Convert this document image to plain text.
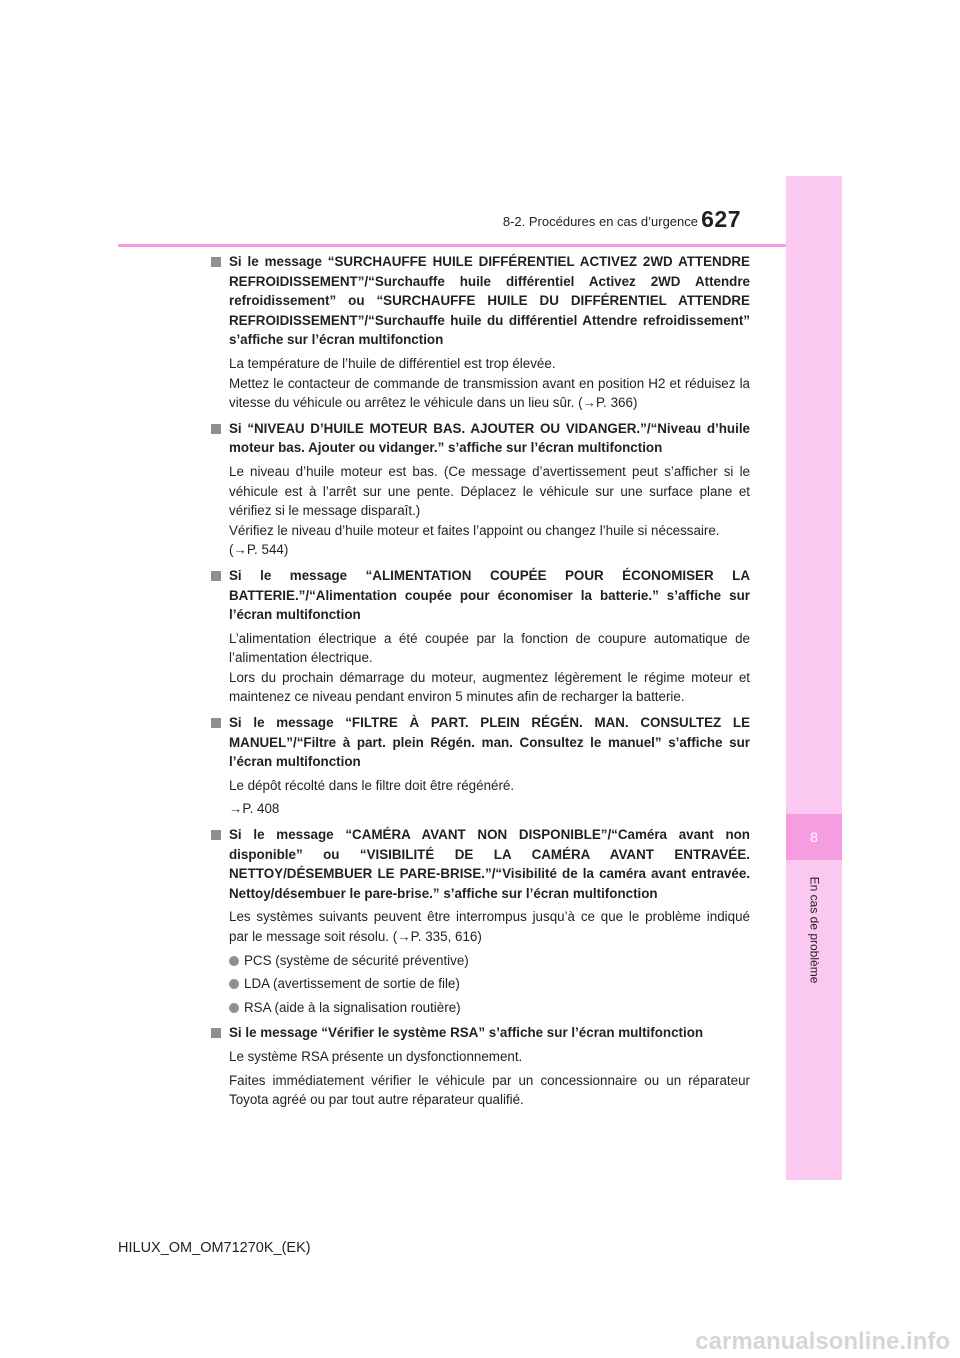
8
En cas de problème
627
8-2. Procédures en cas d’urgence
Si le message “SURCHAUFFE HUILE DIFFÉRENTIEL ACTIVEZ 2WD ATTENDRE REFROIDISSEMENT”/“Surchauffe huile différentiel Activez 2WD Attendre refroidissement” ou “SURCHAUFFE HUILE DU DIFFÉRENTIEL ATTENDRE REFROIDISSEMENT”/“Surchauffe huile du différentiel Attendre refroidissement” s’affiche sur l’écran multifonction
La température de l’huile de différentiel est trop élevée.
Mettez le contacteur de commande de transmission avant en position H2 et réduisez la vitesse du véhicule ou arrêtez le véhicule dans un lieu sûr. (→P. 366)
Si “NIVEAU D’HUILE MOTEUR BAS. AJOUTER OU VIDANGER.”/“Niveau d’huile moteur bas. Ajouter ou vidanger.” s’affiche sur l’écran multifonction
Le niveau d’huile moteur est bas. (Ce message d’avertissement peut s’afficher si le véhicule est à l’arrêt sur une pente. Déplacez le véhicule sur une surface plane et vérifiez si le message disparaît.)
Vérifiez le niveau d’huile moteur et faites l’appoint ou changez l’huile si nécessaire.
(→P. 544)
Si le message “ALIMENTATION COUPÉE POUR ÉCONOMISER LA BATTERIE.”/“Alimentation coupée pour économiser la batterie.” s’affiche sur l’écran multifonction
L’alimentation électrique a été coupée par la fonction de coupure automatique de l’alimentation électrique.
Lors du prochain démarrage du moteur, augmentez légèrement le régime moteur et maintenez ce niveau pendant environ 5 minutes afin de recharger la batterie.
Si le message “FILTRE À PART. PLEIN RÉGÉN. MAN. CONSULTEZ LE MANUEL”/“Filtre à part. plein Régén. man. Consultez le manuel” s’affiche sur l’écran multifonction
Le dépôt récolté dans le filtre doit être régénéré.
→P. 408
Si le message “CAMÉRA AVANT NON DISPONIBLE”/“Caméra avant non disponible” ou “VISIBILITÉ DE LA CAMÉRA AVANT ENTRAVÉE. NETTOY/DÉSEMBUER LE PARE-BRISE.”/“Visibilité de la caméra avant entravée. Nettoy/désembuer le pare-brise.” s’affiche sur l’écran multifonction
Les systèmes suivants peuvent être interrompus jusqu’à ce que le problème indiqué par le message soit résolu. (→P. 335, 616)
PCS (système de sécurité préventive)
LDA (avertissement de sortie de file)
RSA (aide à la signalisation routière)
Si le message “Vérifier le système RSA” s’affiche sur l’écran multifonction
Le système RSA présente un dysfonctionnement.
Faites immédiatement vérifier le véhicule par un concessionnaire ou un réparateur Toyota agréé ou par tout autre réparateur qualifié.
HILUX_OM_OM71270K_(EK)
carmanualsonline.info
